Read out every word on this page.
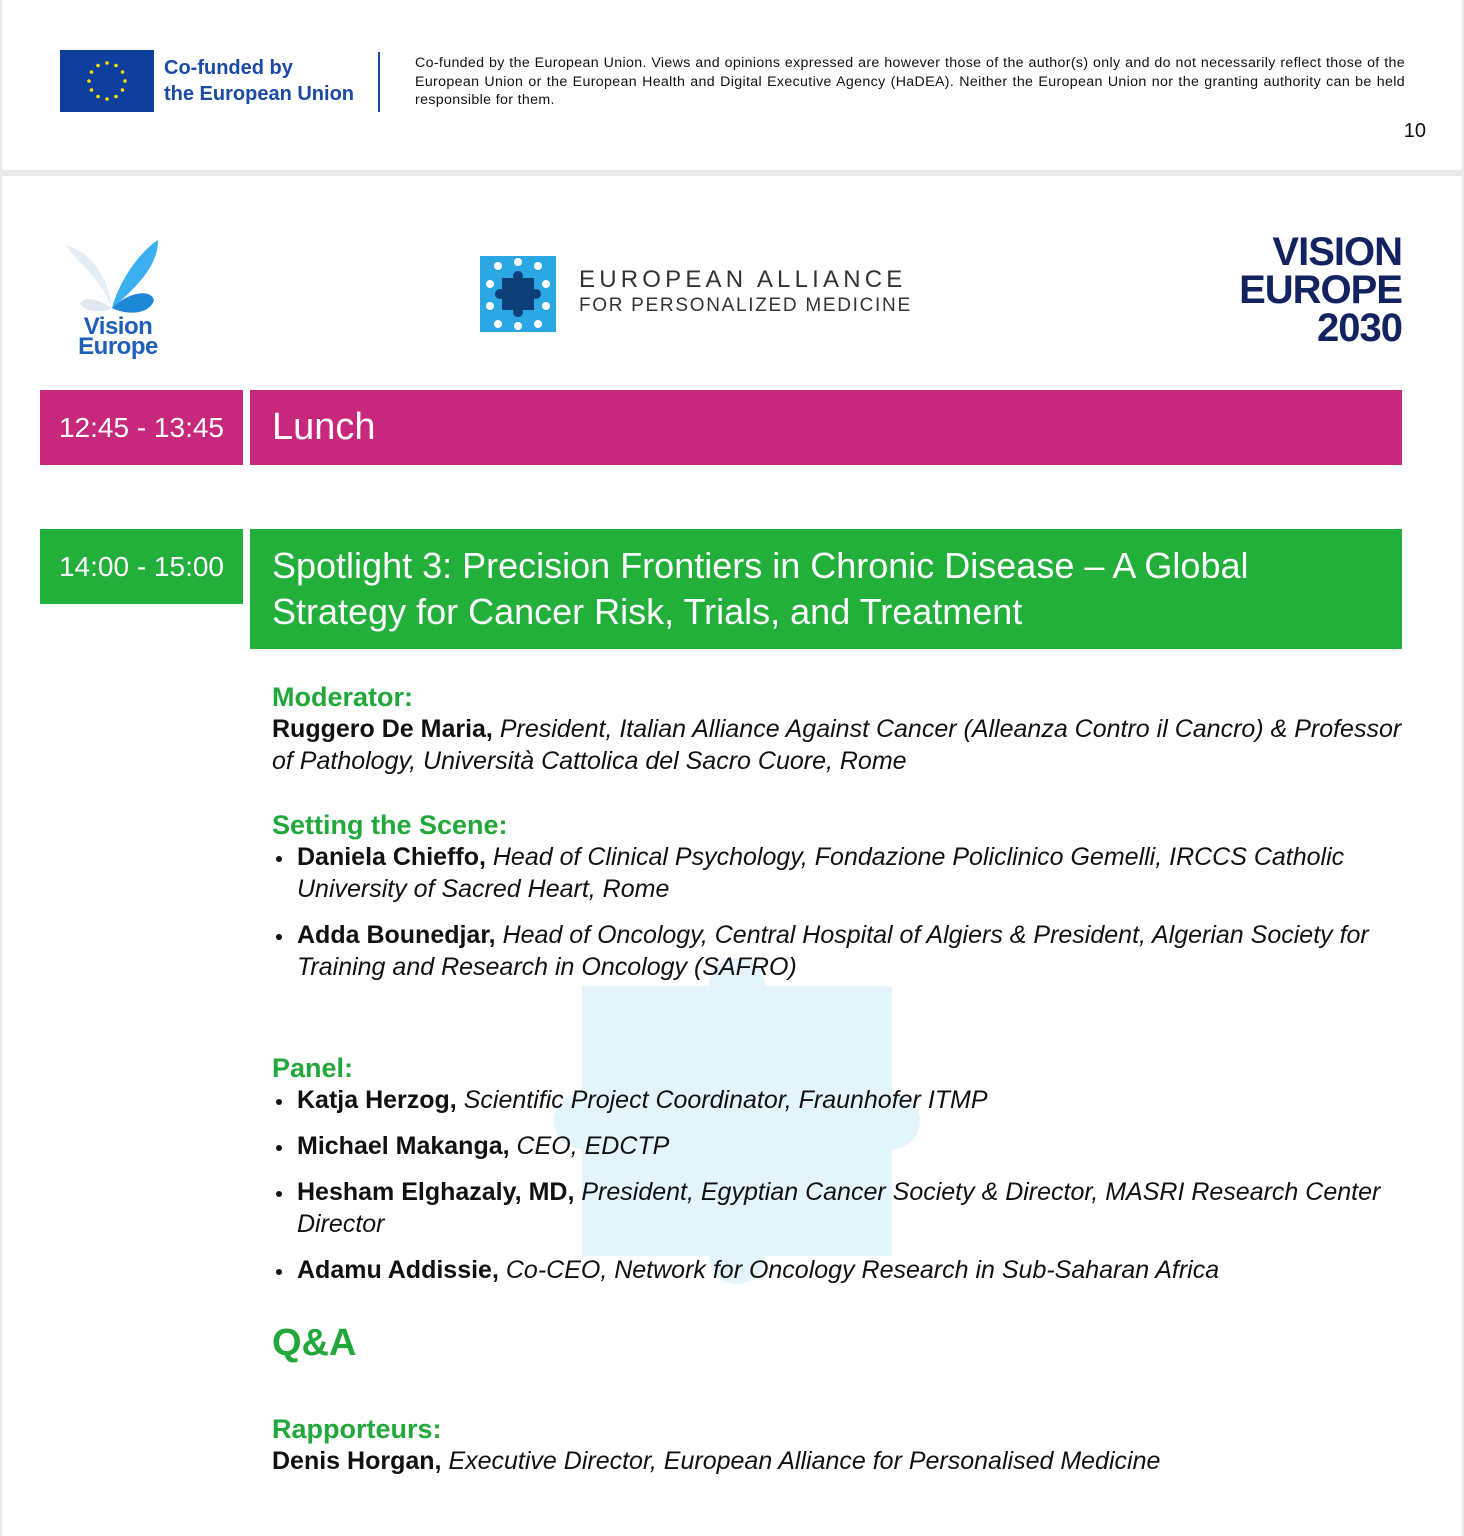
Co-funded by
the European Union
Co-funded by the European Union. Views and opinions expressed are however those of the author(s) only and do not necessarily reflect those of the European Union or the European Health and Digital Executive Agency (HaDEA). Neither the European Union nor the granting authority can be held responsible for them.
10
Vision
Europe
EUROPEAN ALLIANCE
FOR PERSONALIZED MEDICINE
VISION
EUROPE
2030
12:45 - 13:45	Lunch
14:00 - 15:00	Spotlight 3: Precision Frontiers in Chronic Disease – A Global Strategy for Cancer Risk, Trials, and Treatment

Moderator:

Ruggero De Maria, President, Italian Alliance Against Cancer (Alleanza Contro il Cancro) & Professor of Pathology, Università Cattolica del Sacro Cuore, Rome

Setting the Scene:

Daniela Chieffo, Head of Clinical Psychology, Fondazione Policlinico Gemelli, IRCCS Catholic University of Sacred Heart, Rome
Adda Bounedjar, Head of Oncology, Central Hospital of Algiers & President, Algerian Society for Training and Research in Oncology (SAFRO)

Panel:

Katja Herzog, Scientific Project Coordinator, Fraunhofer ITMP
Michael Makanga, CEO, EDCTP
Hesham Elghazaly, MD, President, Egyptian Cancer Society & Director, MASRI Research Center Director
Adamu Addissie, Co-CEO, Network for Oncology Research in Sub-Saharan Africa
Q&A

Rapporteurs:

Denis Horgan, Executive Director, European Alliance for Personalised Medicine
